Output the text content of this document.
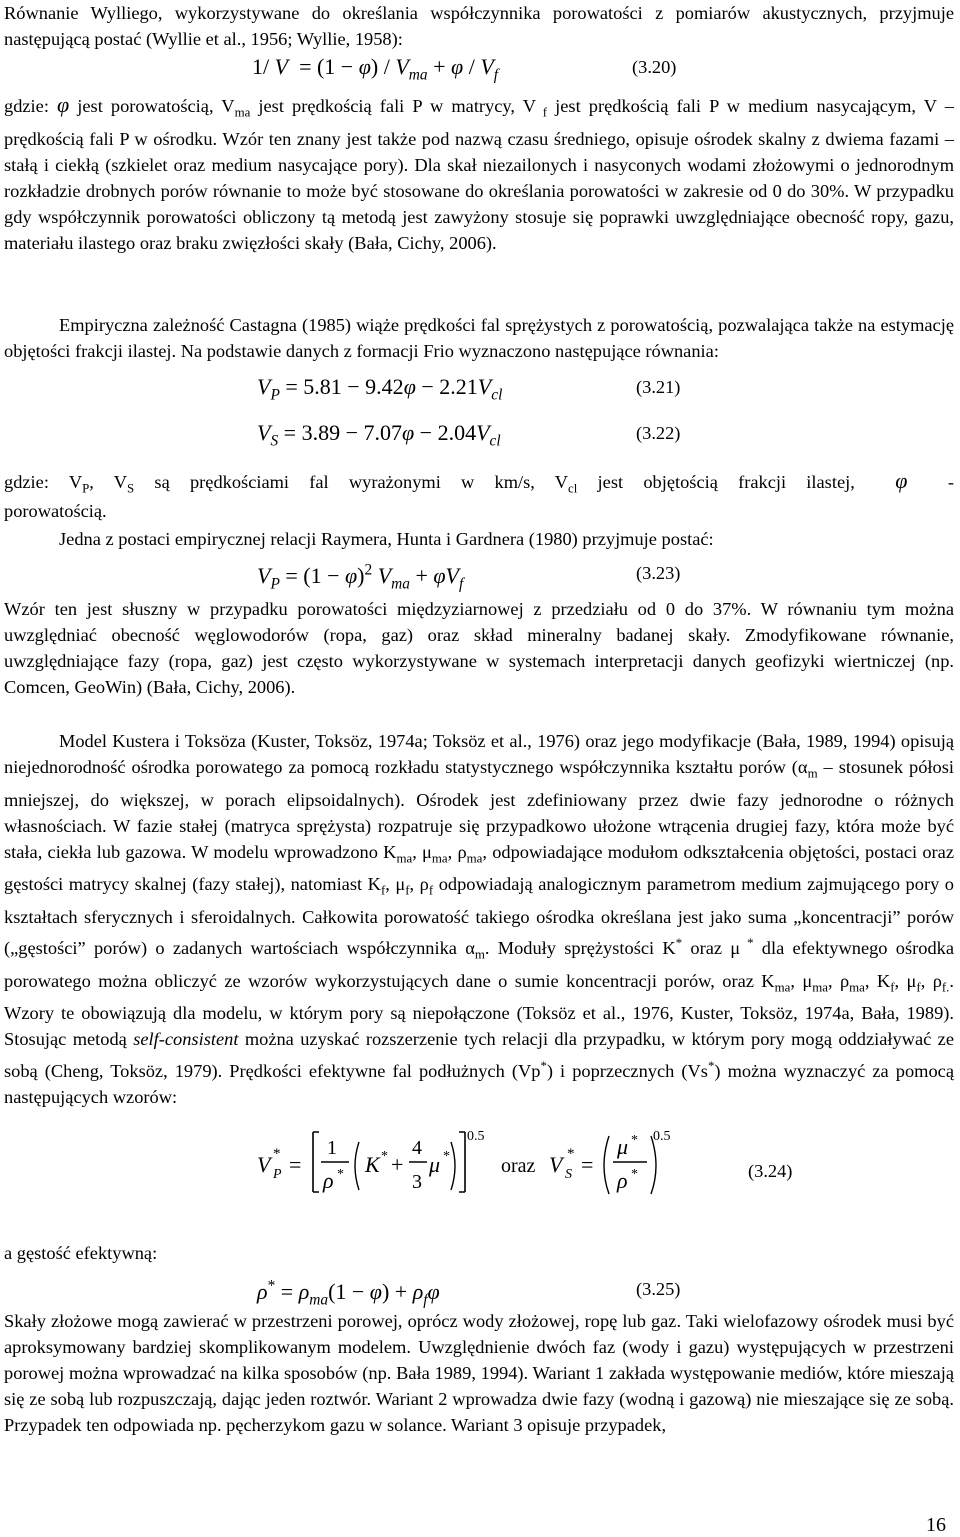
Równanie Wylliego, wykorzystywane do określania współczynnika porowatości z pomiarów akustycznych, przyjmuje następującą postać (Wyllie et al., 1956; Wyllie, 1958):

1/ $V = (1 - \varphi) / V_{ma} + \varphi / V_f$	(3.20)

gdzie: φ jest porowatością, $V_{ma}$ jest prędkością fali P w matrycy, V $_f$ jest prędkością fali P w medium nasycającym, V – prędkością fali P w ośrodku. Wzór ten znany jest także pod nazwą czasu średniego, opisuje ośrodek skalny z dwiema fazami – stałą i ciekłą (szkielet oraz medium nasycające pory). Dla skał niezailonych i nasyconych wodami złożowymi o jednorodnym rozkładzie drobnych porów równanie to może być stosowane do określania porowatości w zakresie od 0 do 30%. W przypadku gdy współczynnik porowatości obliczony tą metodą jest zawyżony stosuje się poprawki uwzględniające obecność ropy, gazu, materiału ilastego oraz braku zwięzłości skały (Bała, Cichy, 2006).

Empiryczna zależność Castagna (1985) wiąże prędkości fal sprężystych z porowatością, pozwalająca także na estymację objętości frakcji ilastej. Na podstawie danych z formacji Frio wyznaczono następujące równania:

$V_P = 5.81 - 9.42\varphi - 2.21V_{cl}$	(3.21)
$V_S = 3.89 - 7.07\varphi - 2.04V_{cl}$	(3.22)
gdzie: $V_P$, $V_S$ są prędkościami fal wyrażonymi w km/s, $V_{cl}$ jest objętością frakcji ilastej,  φ  -
porowatością.

Jedna z postaci empirycznej relacji Raymera, Hunta i Gardnera (1980) przyjmuje postać:

$V_P = (1 - \varphi)^2$ $V_{ma} + \varphi V_f$
(3.23)

Wzór ten jest słuszny w przypadku porowatości międzyziarnowej z przedziału od 0 do 37%. W równaniu tym można uwzględniać obecność węglowodorów (ropa, gaz) oraz skład mineralny badanej skały. Zmodyfikowane równanie, uwzględniające fazy (ropa, gaz) jest często wykorzystywane w systemach interpretacji danych geofizyki wiertniczej (np. Comcen, GeoWin) (Bała, Cichy, 2006).

Model Kustera i Toksöza (Kuster, Toksöz, 1974a; Toksöz et al., 1976) oraz jego modyfikacje (Bała, 1989, 1994) opisują niejednorodność ośrodka porowatego za pomocą rozkładu statystycznego współczynnika kształtu porów ($\alpha_m$ – stosunek półosi mniejszej, do większej, w porach elipsoidalnych). Ośrodek jest zdefiniowany przez dwie fazy jednorodne o różnych własnościach. W fazie stałej (matryca sprężysta) rozpatruje się przypadkowo ułożone wtrącenia drugiej fazy, która może być stała, ciekła lub gazowa. W modelu wprowadzono $K_{ma}$, $\mu_{ma}$, $\rho_{ma}$, odpowiadające modułom odkształcenia objętości, postaci oraz gęstości matrycy skalnej (fazy stałej), natomiast $K_f$, $\mu_f$, $\rho_f$ odpowiadają analogicznym parametrom medium zajmującego pory o kształtach sferycznych i sferoidalnych. Całkowita porowatość takiego ośrodka określana jest jako suma „koncentracji” porów („gęstości” porów) o zadanych wartościach współczynnika $\alpha_m$. Moduły sprężystości K* oraz μ * dla efektywnego ośrodka porowatego można obliczyć ze wzorów wykorzystujących dane o sumie koncentracji porów, oraz $K_{ma}$, $\mu_{ma}$, $\rho_{ma}$, $K_f$, $\mu_f$, $\rho_{f.}$. Wzory te obowiązują dla modelu, w którym pory są niepołączone (Toksöz et al., 1976, Kuster, Toksöz, 1974a, Bała, 1989). Stosując metodą self-consistent można uzyskać rozszerzenie tych relacji dla przypadku, w którym pory mogą oddziaływać ze sobą (Cheng, Toksöz, 1979). Prędkości efektywne fal podłużnych (Vp*) i poprzecznych (Vs*) można wyznaczyć za pomocą następujących wzorów:

V P
* =
1
ρ * K * +
4
3
μ *
0.5
oraz V S
* =
μ *
ρ *
0.5
(3.24)
a gęstość efektywną:
$\rho^* = \rho_{ma}(1 - \varphi) + \rho_f\varphi$	(3.25)

Skały złożowe mogą zawierać w przestrzeni porowej, oprócz wody złożowej, ropę lub gaz. Taki wielofazowy ośrodek musi być aproksymowany bardziej skomplikowanym modelem. Uwzględnienie dwóch faz (wody i gazu) występujących w przestrzeni porowej można wprowadzać na kilka sposobów (np. Bała 1989, 1994). Wariant 1 zakłada występowanie mediów, które mieszają się ze sobą lub rozpuszczają, dając jeden roztwór. Wariant 2 wprowadza dwie fazy (wodną i gazową) nie mieszające się ze sobą. Przypadek ten odpowiada np. pęcherzykom gazu w solance. Wariant 3 opisuje przypadek,

16
